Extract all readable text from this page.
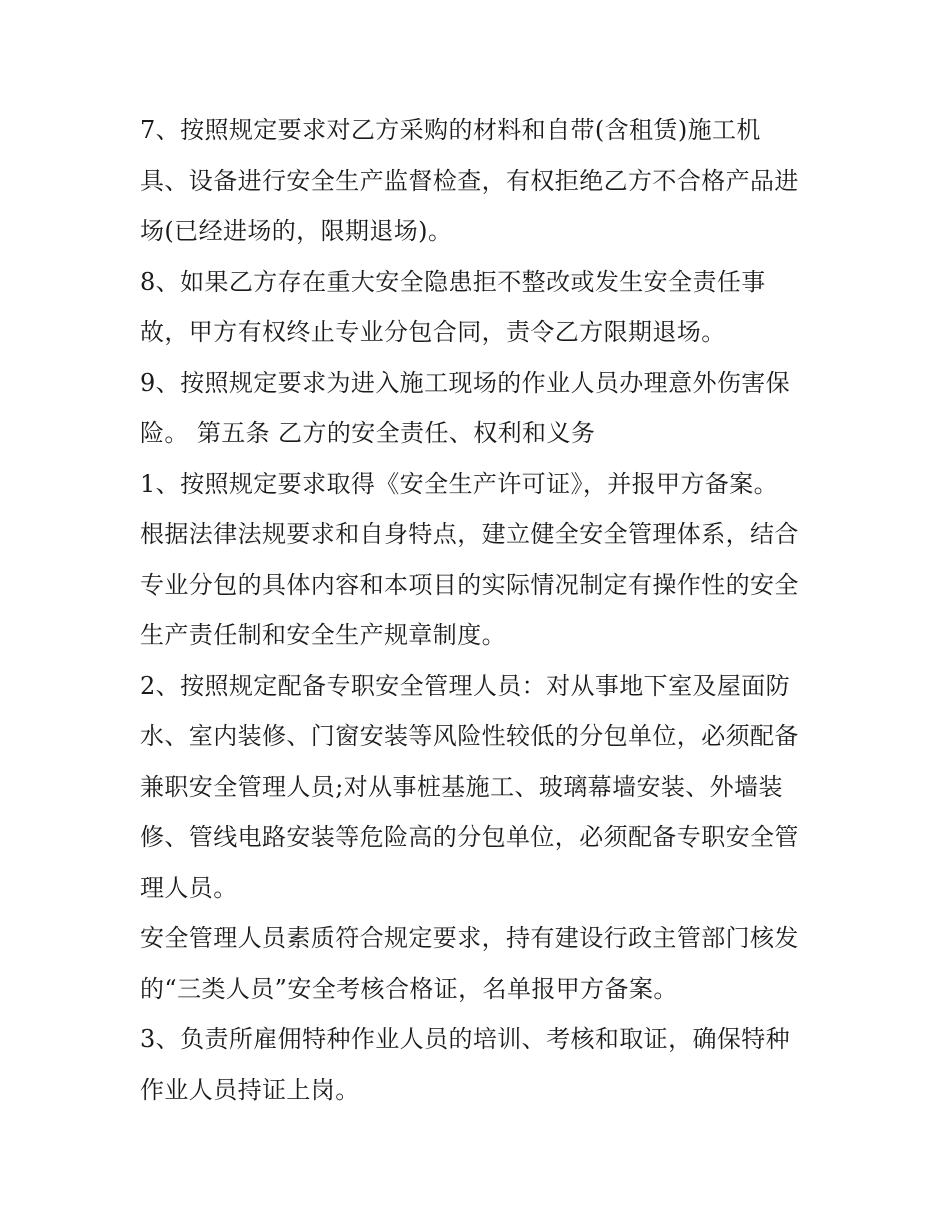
7、按照规定要求对乙方采购的材料和自带(含租赁)施工机

具、设备进行安全生产监督检查，有权拒绝乙方不合格产品进

场(已经进场的，限期退场)。

8、如果乙方存在重大安全隐患拒不整改或发生安全责任事

故，甲方有权终止专业分包合同，责令乙方限期退场。

9、按照规定要求为进入施工现场的作业人员办理意外伤害保

险。 第五条 乙方的安全责任、权利和义务

1、按照规定要求取得《安全生产许可证》，并报甲方备案。

根据法律法规要求和自身特点，建立健全安全管理体系，结合

专业分包的具体内容和本项目的实际情况制定有操作性的安全

生产责任制和安全生产规章制度。

2、按照规定配备专职安全管理人员：对从事地下室及屋面防

水、室内装修、门窗安装等风险性较低的分包单位，必须配备

兼职安全管理人员;对从事桩基施工、玻璃幕墙安装、外墙装

修、管线电路安装等危险高的分包单位，必须配备专职安全管

理人员。

安全管理人员素质符合规定要求，持有建设行政主管部门核发

的“三类人员”安全考核合格证，名单报甲方备案。

3、负责所雇佣特种作业人员的培训、考核和取证，确保特种

作业人员持证上岗。
